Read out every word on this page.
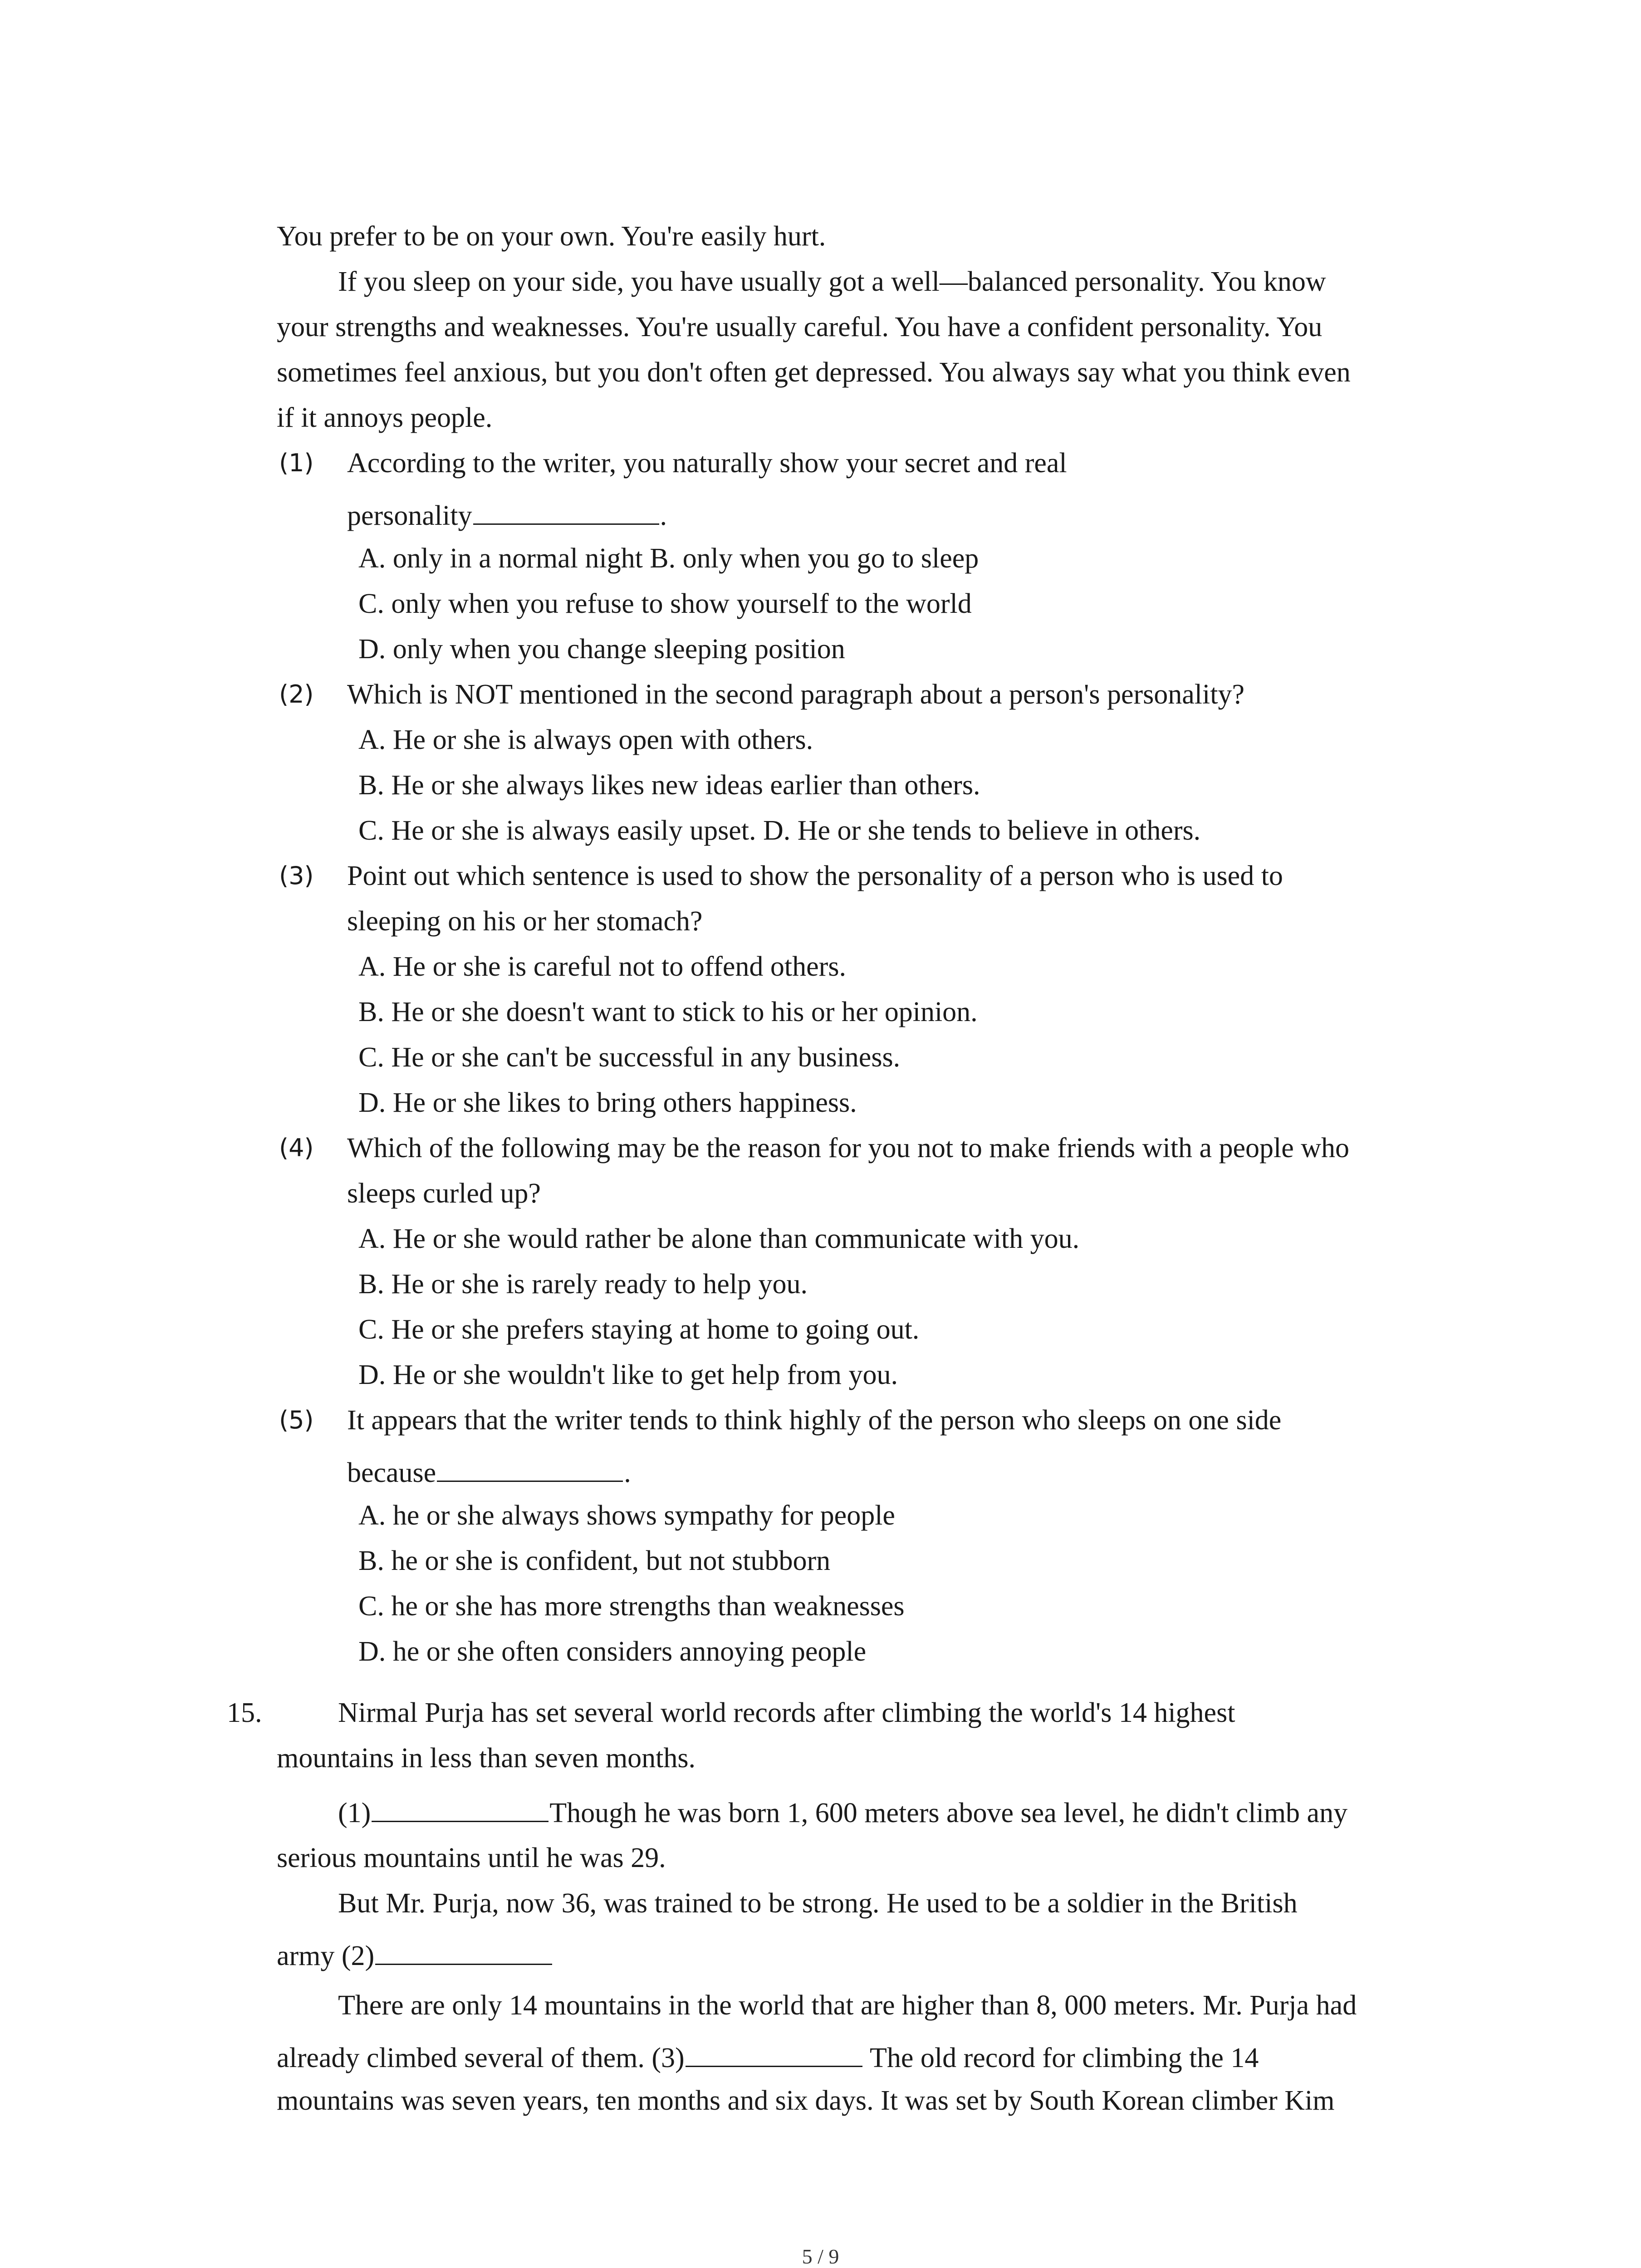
You prefer to be on your own. You're easily hurt.
If you sleep on your side, you have usually got a well—balanced personality. You know
your strengths and weaknesses. You're usually careful. You have a confident personality. You
sometimes feel anxious, but you don't often get depressed. You always say what you think even
if it annoys people.
(1) According to the writer, you naturally show your secret and real
personality	.
A. only in a normal night B. only when you go to sleep
C. only when you refuse to show yourself to the world
D. only when you change sleeping position
(2) Which is NOT mentioned in the second paragraph about a person's personality?
A. He or she is always open with others.
B. He or she always likes new ideas earlier than others.
C. He or she is always easily upset. D. He or she tends to believe in others.
(3) Point out which sentence is used to show the personality of a person who is used to
sleeping on his or her stomach?
A. He or she is careful not to offend others.
B. He or she doesn't want to stick to his or her opinion.
C. He or she can't be successful in any business.
D. He or she likes to bring others happiness.
(4) Which of the following may be the reason for you not to make friends with a people who
sleeps curled up?
A. He or she would rather be alone than communicate with you.
B. He or she is rarely ready to help you.
C. He or she prefers staying at home to going out.
D. He or she wouldn't like to get help from you.
(5) It appears that the writer tends to think highly of the person who sleeps on one side
because	.
A. he or she always shows sympathy for people
B. he or she is confident, but not stubborn
C. he or she has more strengths than weaknesses
D. he or she often considers annoying people
15.	Nirmal Purja has set several world records after climbing the world's 14 highest
mountains in less than seven months.
(1)	Though he was born 1, 600 meters above sea level, he didn't climb any
serious mountains until he was 29.
But Mr. Purja, now 36, was trained to be strong. He used to be a soldier in the British
army (2)
There are only 14 mountains in the world that are higher than 8, 000 meters. Mr. Purja had
already climbed several of them. (3)	The old record for climbing the 14
mountains was seven years, ten months and six days. It was set by South Korean climber Kim
5 / 9
